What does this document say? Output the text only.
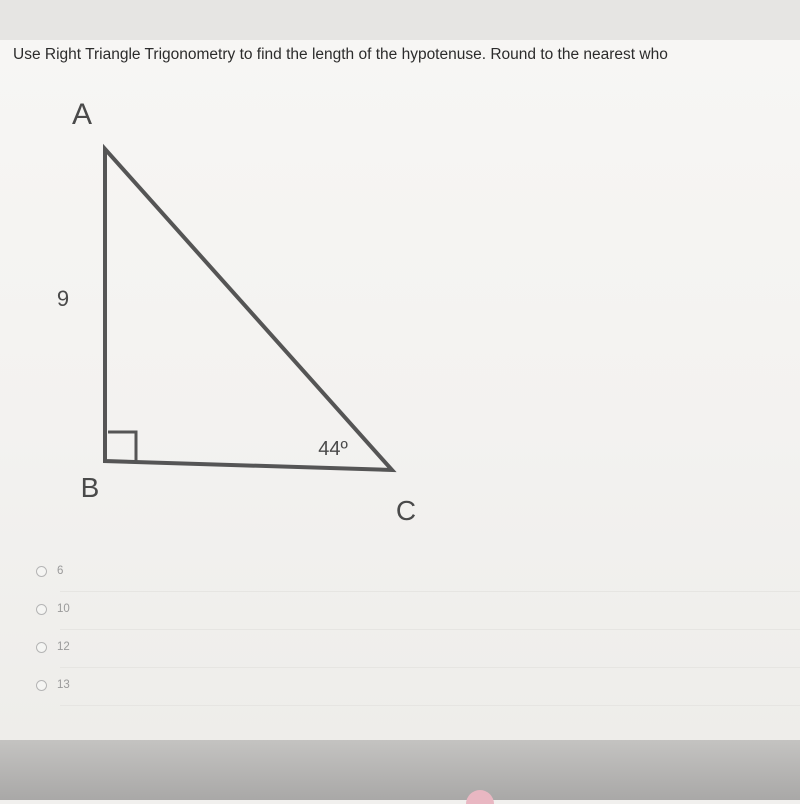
Use Right Triangle Trigonometry to find the length of the hypotenuse. Round to the nearest who
A
B
C
9
44º
6
10
12
13
